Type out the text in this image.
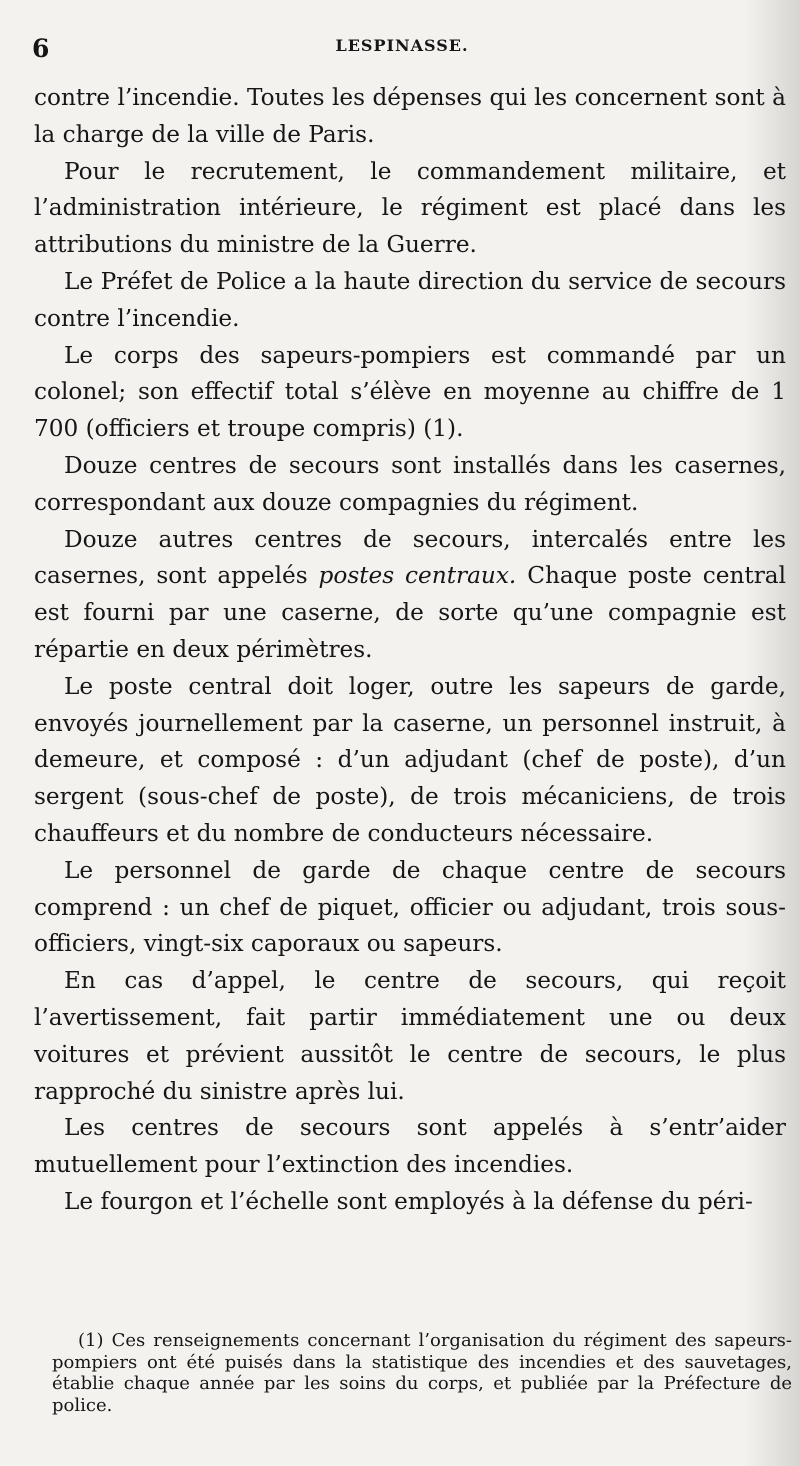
6	LESPINASSE.

contre l’incendie. Toutes les dépenses qui les concernent sont à la charge de la ville de Paris.

Pour le recrutement, le commandement militaire, et l’administration intérieure, le régiment est placé dans les attributions du ministre de la Guerre.

Le Préfet de Police a la haute direction du service de secours contre l’incendie.

Le corps des sapeurs-pompiers est commandé par un colonel; son effectif total s’élève en moyenne au chiffre de 1 700 (officiers et troupe compris) (1).

Douze centres de secours sont installés dans les casernes, correspondant aux douze compagnies du régiment.

Douze autres centres de secours, intercalés entre les casernes, sont appelés postes centraux. Chaque poste central est fourni par une caserne, de sorte qu’une compagnie est répartie en deux périmètres.

Le poste central doit loger, outre les sapeurs de garde, envoyés journellement par la caserne, un personnel instruit, à demeure, et composé : d’un adjudant (chef de poste), d’un sergent (sous-chef de poste), de trois mécaniciens, de trois chauffeurs et du nombre de conducteurs nécessaire.

Le personnel de garde de chaque centre de secours comprend : un chef de piquet, officier ou adjudant, trois sous-officiers, vingt-six caporaux ou sapeurs.

En cas d’appel, le centre de secours, qui reçoit l’avertissement, fait partir immédiatement une ou deux voitures et prévient aussitôt le centre de secours, le plus rapproché du sinistre après lui.

Les centres de secours sont appelés à s’entr’aider mutuellement pour l’extinction des incendies.

Le fourgon et l’échelle sont employés à la défense du péri-

(1) Ces renseignements concernant l’organisation du régiment des sapeurs-pompiers ont été puisés dans la statistique des incendies et des sauvetages, établie chaque année par les soins du corps, et publiée par la Préfecture de police.
